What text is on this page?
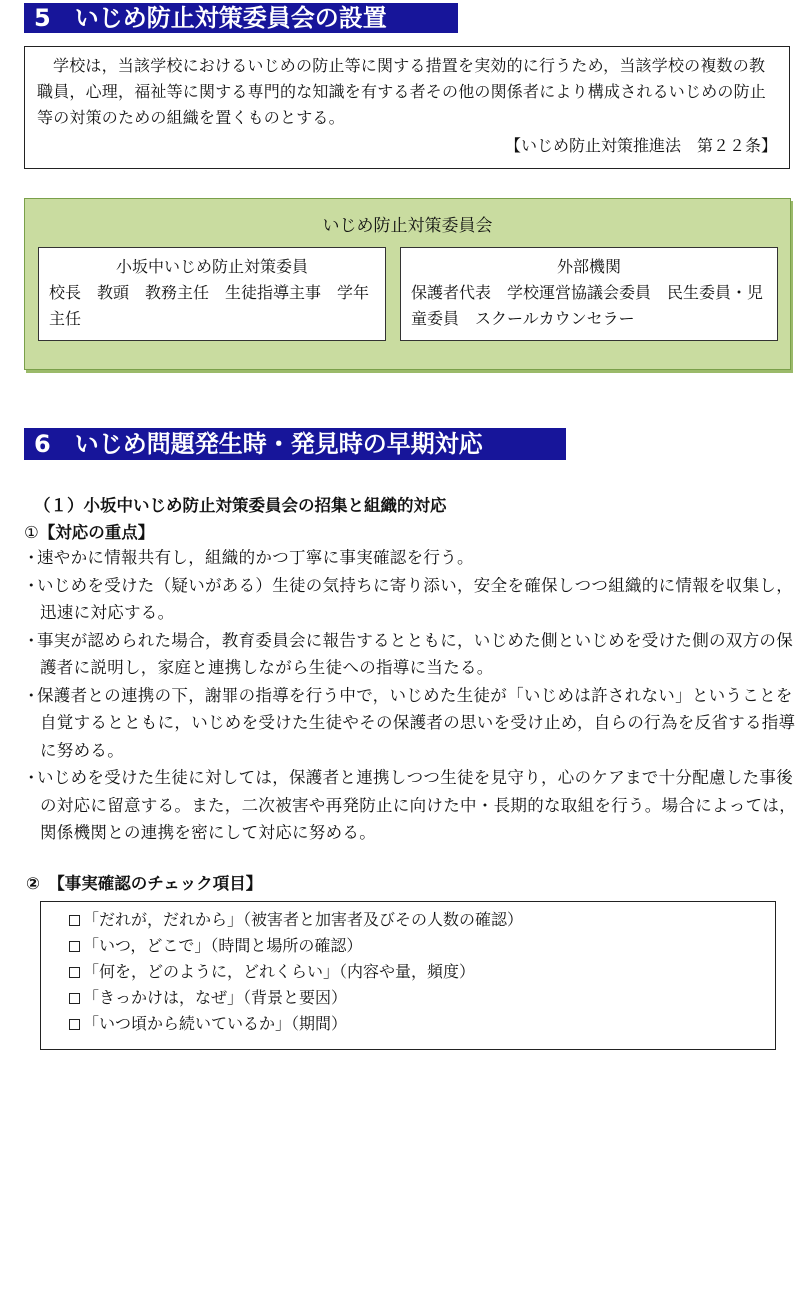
5　いじめ防止対策委員会の設置

学校は，当該学校におけるいじめの防止等に関する措置を実効的に行うため，当該学校の複数の教職員，心理，福祉等に関する専門的な知識を有する者その他の関係者により構成されるいじめの防止等の対策のための組織を置くものとする。

【いじめ防止対策推進法　第２２条】
いじめ防止対策委員会
小坂中いじめ防止対策委員
校長　教頭　教務主任　生徒指導主事　学年主任
外部機関
保護者代表　学校運営協議会委員　民生委員・児童委員　スクールカウンセラー
6　いじめ問題発生時・発見時の早期対応
（１）小坂中いじめ防止対策委員会の招集と組織的対応
①【対応の重点】
・ 速やかに情報共有し，組織的かつ丁寧に事実確認を行う。
・ いじめを受けた（疑いがある）生徒の気持ちに寄り添い，安全を確保しつつ組織的に情報を収集し，迅速に対応する。
・ 事実が認められた場合，教育委員会に報告するとともに，いじめた側といじめを受けた側の双方の保護者に説明し，家庭と連携しながら生徒への指導に当たる。
・ 保護者との連携の下，謝罪の指導を行う中で，いじめた生徒が「いじめは許されない」ということを自覚するとともに，いじめを受けた生徒やその保護者の思いを受け止め，自らの行為を反省する指導に努める。
・ いじめを受けた生徒に対しては，保護者と連携しつつ生徒を見守り，心のケアまで十分配慮した事後の対応に留意する。また，二次被害や再発防止に向けた中・長期的な取組を行う。場合によっては，関係機関との連携を密にして対応に努める。
②　【事実確認のチェック項目】
「だれが，だれから」（被害者と加害者及びその人数の確認）
「いつ，どこで」（時間と場所の確認）
「何を，どのように，どれくらい」（内容や量，頻度）
「きっかけは，なぜ」（背景と要因）
「いつ頃から続いているか」（期間）
